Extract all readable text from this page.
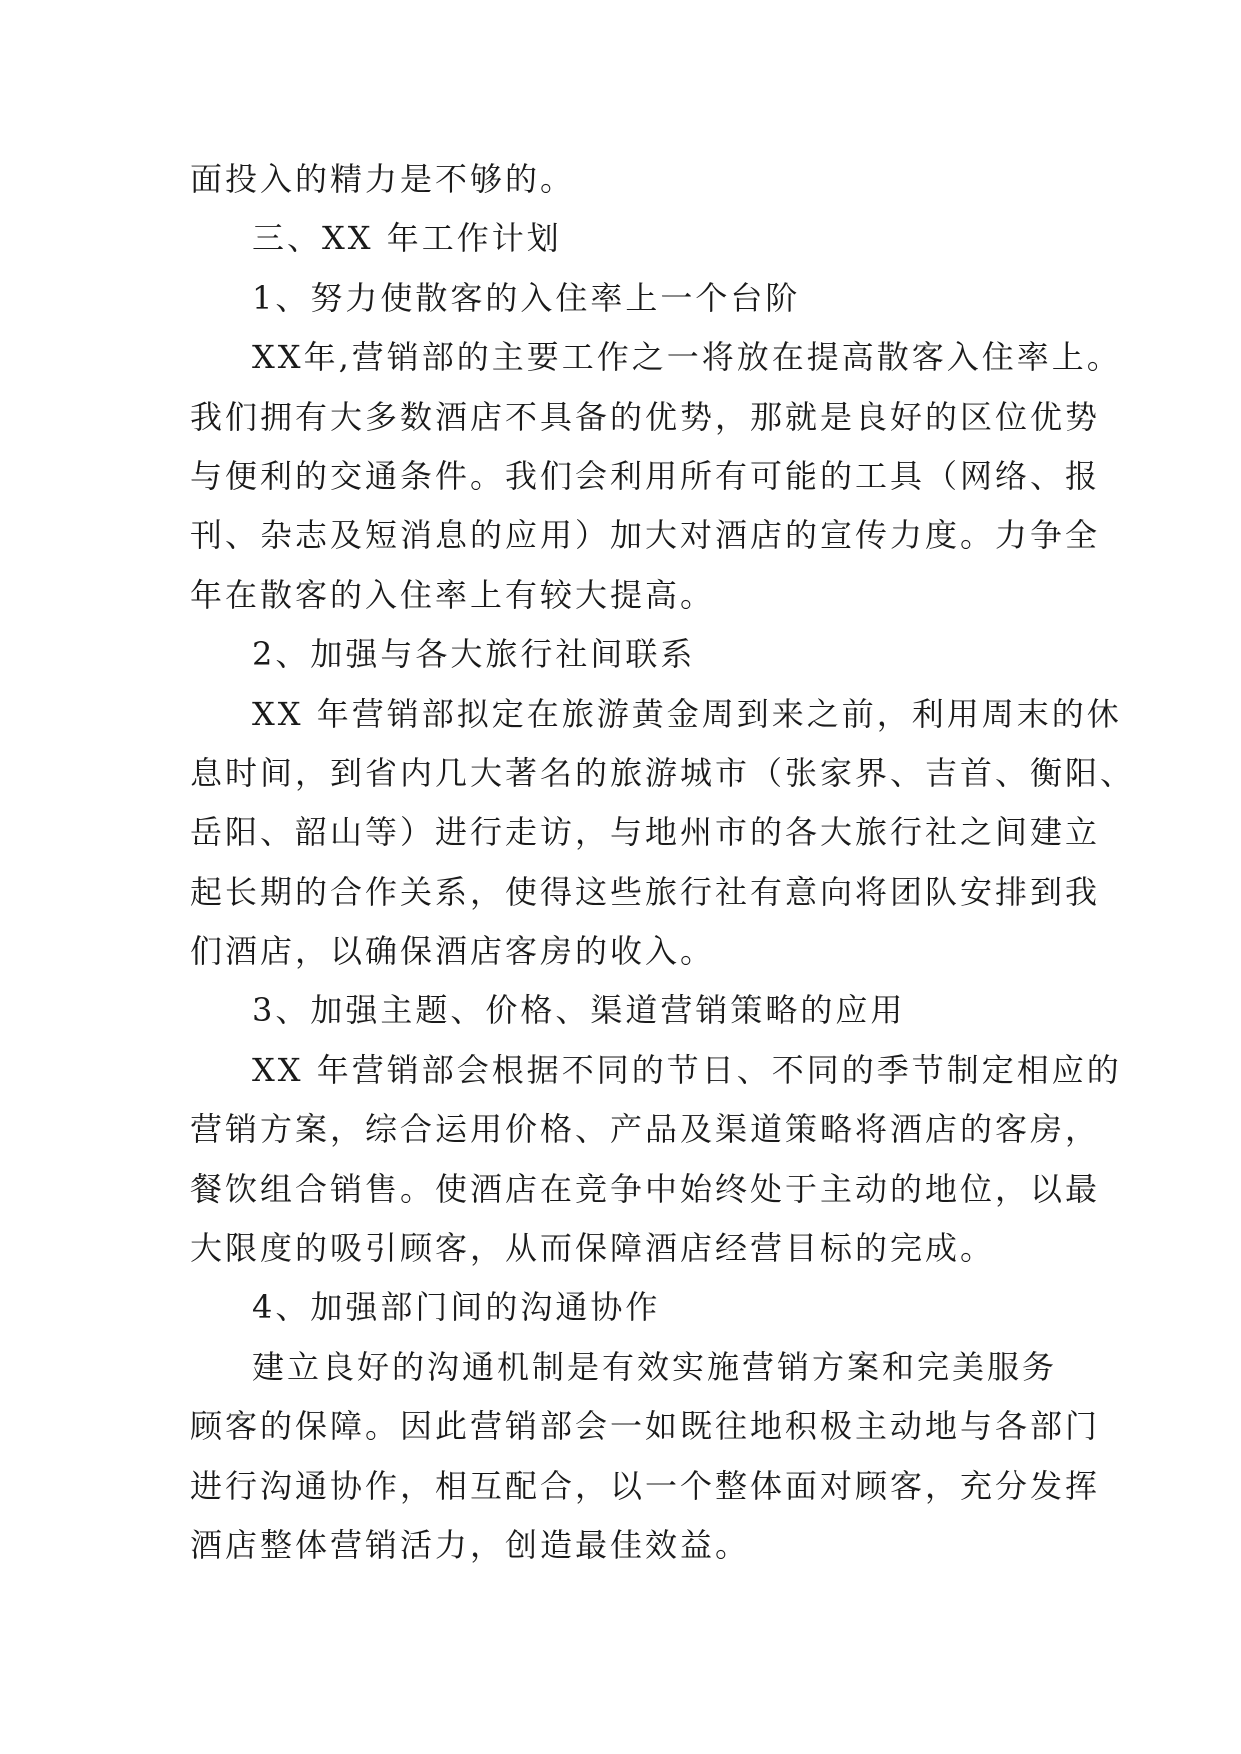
面投入的精力是不够的。
三、XX 年工作计划
1、努力使散客的入住率上一个台阶
XX年,营销部的主要工作之一将放在提高散客入住率上。
我们拥有大多数酒店不具备的优势，那就是良好的区位优势
与便利的交通条件。我们会利用所有可能的工具（网络、报
刊、杂志及短消息的应用）加大对酒店的宣传力度。力争全
年在散客的入住率上有较大提高。
2、加强与各大旅行社间联系
XX 年营销部拟定在旅游黄金周到来之前，利用周末的休
息时间，到省内几大著名的旅游城市（张家界、吉首、衡阳、
岳阳、韶山等）进行走访，与地州市的各大旅行社之间建立
起长期的合作关系，使得这些旅行社有意向将团队安排到我
们酒店，以确保酒店客房的收入。
3、加强主题、价格、渠道营销策略的应用
XX 年营销部会根据不同的节日、不同的季节制定相应的
营销方案，综合运用价格、产品及渠道策略将酒店的客房，
餐饮组合销售。使酒店在竞争中始终处于主动的地位，以最
大限度的吸引顾客，从而保障酒店经营目标的完成。
4、加强部门间的沟通协作
建立良好的沟通机制是有效实施营销方案和完美服务
顾客的保障。因此营销部会一如既往地积极主动地与各部门
进行沟通协作，相互配合，以一个整体面对顾客，充分发挥
酒店整体营销活力，创造最佳效益。
